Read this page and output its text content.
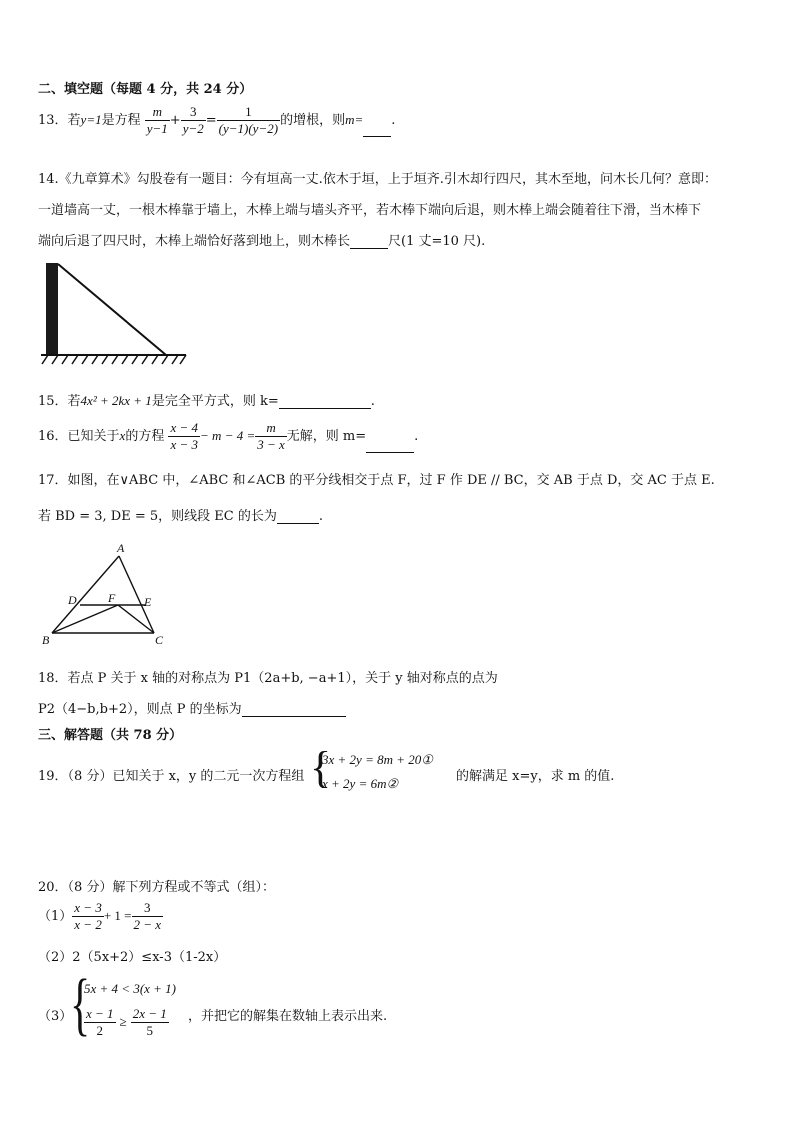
二、填空题（每题 4 分，共 24 分）
13．若y=1是方程 $\frac{m}{y-1} + \frac{3}{y-2} = \frac{1}{(y-1)(y-2)}$ 的增根，则m= .
14.《九章算术》勾股卷有一题目：今有垣高一丈.依木于垣，上于垣齐.引木却行四尺，其木至地，问木长几何？意即：
一道墙高一丈，一根木棒靠于墙上，木棒上端与墙头齐平，若木棒下端向后退，则木棒上端会随着往下滑，当木棒下
端向后退了四尺时，木棒上端恰好落到地上，则木棒长	尺(1 丈=10 尺).
15．若4x² + 2kx + 1是完全平方式，则 k=	.
16．已知关于x的方程 $\frac{x - 4}{x - 3} - m - 4 = \frac{m}{3 - x}$ 无解，则 m=	.
17．如图，在∨ABC 中，∠ABC 和∠ACB 的平分线相交于点 F，过 F 作 DE // BC，交 AB 于点 D，交 AC 于点 E.
若 BD = 3, DE = 5，则线段 EC 的长为	.
A
D	F E
B	C
18．若点 P 关于 x 轴的对称点为 P1（2a+b, −a+1），关于 y 轴对称点的点为
P2（4−b,b+2），则点 P 的坐标为
三、解答题（共 78 分）
19．（8 分）已知关于 x，y 的二元一次方程组 {
3x + 2y = 8m + 20①
x + 2y = 6m②	的解满足 x=y，求 m 的值.
20．（8 分）解下列方程或不等式（组）：
$(1) \frac{x - 3}{x - 2} + 1 = \frac{3}{2 - x}$
（2）2（5x+2）≤x-3（1-2x）
（3）
{
5x + 4 < 3(x + 1)
$\frac{x - 1}{2} \ge \frac{2x - 1}{5}$ ，并把它的解集在数轴上表示出来.
